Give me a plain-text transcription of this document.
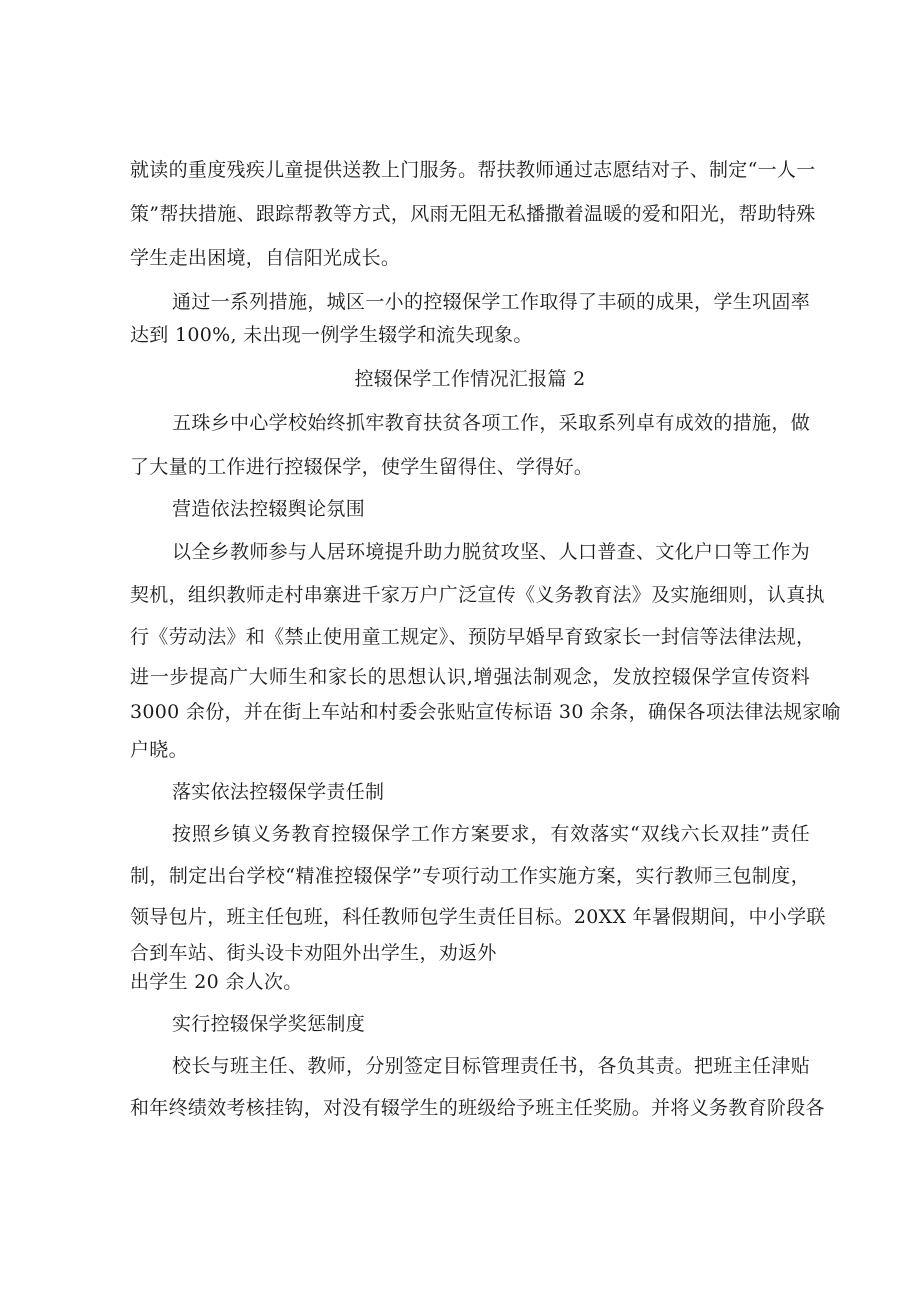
就读的重度残疾儿童提供送教上门服务。帮扶教师通过志愿结对子、制定“一人一
策”帮扶措施、跟踪帮教等方式，风雨无阻无私播撒着温暖的爱和阳光，帮助特殊
学生走出困境，自信阳光成长。
通过一系列措施，城区一小的控辍保学工作取得了丰硕的成果，学生巩固率
达到 100%, 未出现一例学生辍学和流失现象。
控辍保学工作情况汇报篇 2
五珠乡中心学校始终抓牢教育扶贫各项工作，采取系列卓有成效的措施，做
了大量的工作进行控辍保学，使学生留得住、学得好。
营造依法控辍舆论氛围
以全乡教师参与人居环境提升助力脱贫攻坚、人口普查、文化户口等工作为
契机，组织教师走村串寨进千家万户广泛宣传《义务教育法》及实施细则，认真执
行《劳动法》和《禁止使用童工规定》、预防早婚早育致家长一封信等法律法规，
进一步提高广大师生和家长的思想认识,增强法制观念，发放控辍保学宣传资料
3000 余份，并在街上车站和村委会张贴宣传标语 30 余条，确保各项法律法规家喻
户晓。
落实依法控辍保学责任制
按照乡镇义务教育控辍保学工作方案要求，有效落实“双线六长双挂”责任
制，制定出台学校“精准控辍保学”专项行动工作实施方案，实行教师三包制度，
领导包片，班主任包班，科任教师包学生责任目标。20XX 年暑假期间，中小学联
合到车站、街头设卡劝阻外出学生，劝返外
出学生 20 余人次。
实行控辍保学奖惩制度
校长与班主任、教师，分别签定目标管理责任书，各负其责。把班主任津贴
和年终绩效考核挂钩，对没有辍学生的班级给予班主任奖励。并将义务教育阶段各
